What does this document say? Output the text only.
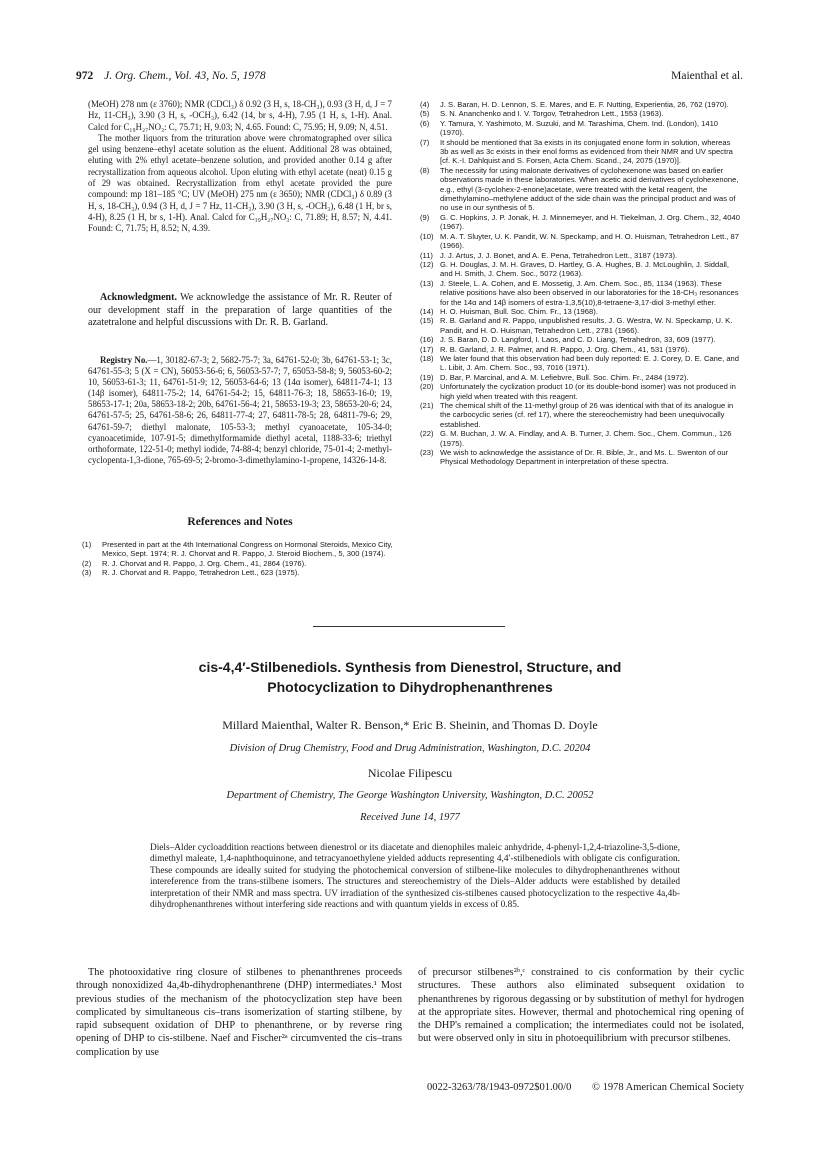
972 J. Org. Chem., Vol. 43, No. 5, 1978	Maienthal et al.

(MeOH) 278 nm (ε 3760); NMR (CDCl₃) δ 0.92 (3 H, s, 18-CH₃), 0.93 (3 H, d, J = 7 Hz, 11-CH₃), 3.90 (3 H, s, -OCH₃), 6.42 (14, br s, 4-H), 7.95 (1 H, s, 1-H). Anal. Calcd for C₁₉H₂₇NO₃: C, 75.71; H, 9.03; N, 4.65. Found: C, 75.95; H, 9.09; N, 4.51.

The mother liquors from the trituration above were chromatographed over silica gel using benzene–ethyl acetate solution as the eluent. Additional 28 was obtained, eluting with 2% ethyl acetate–benzene solution, and provided another 0.14 g after recrystallization from aqueous alcohol. Upon eluting with ethyl acetate (neat) 0.15 g of 29 was obtained. Recrystallization from ethyl acetate provided the pure compound: mp 181–185 °C; UV (MeOH) 275 nm (ε 3650); NMR (CDCl₃) δ 0.89 (3 H, s, 18-CH₃), 0.94 (3 H, d, J = 7 Hz, 11-CH₃), 3.90 (3 H, s, -OCH₃), 6.48 (1 H, br s, 4-H), 8.25 (1 H, br s, 1-H). Anal. Calcd for C₁₉H₂₇NO₃: C, 71.89; H, 8.57; N, 4.41. Found: C, 71.75; H, 8.52; N, 4.39.

Acknowledgment. We acknowledge the assistance of Mr. R. Reuter of our development staff in the preparation of large quantities of the azatetralone and helpful discussions with Dr. R. B. Garland.

Registry No.—1, 30182-67-3; 2, 5682-75-7; 3a, 64761-52-0; 3b, 64761-53-1; 3c, 64761-55-3; 5 (X = CN), 56053-56-6; 6, 56053-57-7; 7, 65053-58-8; 9, 56053-60-2; 10, 56053-61-3; 11, 64761-51-9; 12, 56053-64-6; 13 (14α isomer), 64811-74-1; 13 (14β isomer), 64811-75-2; 14, 64761-54-2; 15, 64811-76-3; 18, 58653-16-0; 19, 58653-17-1; 20a, 58653-18-2; 20b, 64761-56-4; 21, 58653-19-3; 23, 58653-20-6; 24, 64761-57-5; 25, 64761-58-6; 26, 64811-77-4; 27, 64811-78-5; 28, 64811-79-6; 29, 64761-59-7; diethyl malonate, 105-53-3; methyl cyanoacetate, 105-34-0; cyanoacetimide, 107-91-5; dimethylformamide diethyl acetal, 1188-33-6; triethyl orthoformate, 122-51-0; methyl iodide, 74-88-4; benzyl chloride, 75-01-4; 2-methyl-cyclopenta-1,3-dione, 765-69-5; 2-bromo-3-dimethylamino-1-propene, 14326-14-8.

References and Notes

(1)	Presented in part at the 4th International Congress on Hormonal Steroids, Mexico City, Mexico, Sept. 1974; R. J. Chorvat and R. Pappo, J. Steroid Biochem., 5, 300 (1974).
(2)	R. J. Chorvat and R. Pappo, J. Org. Chem., 41, 2864 (1976).
(3)	R. J. Chorvat and R. Pappo, Tetrahedron Lett., 623 (1975).
(4)	J. S. Baran, H. D. Lennon, S. E. Mares, and E. F. Nutting, Experientia, 26, 762 (1970).
(5)	S. N. Ananchenko and I. V. Torgov, Tetrahedron Lett., 1553 (1963).
(6)	Y. Tamura, Y. Yashimoto, M. Suzuki, and M. Tarashima, Chem. Ind. (London), 1410 (1970).
(7)	It should be mentioned that 3a exists in its conjugated enone form in solution, whereas 3b as well as 3c exists in their enol forms as evidenced from their NMR and UV spectra [cf. K.-I. Dahlquist and S. Forsen, Acta Chem. Scand., 24, 2075 (1970)].
(8)	The necessity for using malonate derivatives of cyclohexenone was based on earlier observations made in these laboratories. When acetic acid derivatives of cyclohexenone, e.g., ethyl (3-cyclohex-2-enone)acetate, were treated with the ketal reagent, the dimethylamino–methylene adduct of the side chain was the principal product and was of no use in our synthesis of 5.
(9)	G. C. Hopkins, J. P. Jonak, H. J. Minnemeyer, and H. Tiekelman, J. Org. Chem., 32, 4040 (1967).
(10) M. A. T. Sluyter, U. K. Pandit, W. N. Speckamp, and H. O. Huisman, Tetrahedron Lett., 87 (1966).
(11) J. J. Artus, J. J. Bonet, and A. E. Pena, Tetrahedron Lett., 3187 (1973).
(12) G. H. Douglas, J. M. H. Graves, D. Hartley, G. A. Hughes, B. J. McLoughlin, J. Siddall, and H. Smith, J. Chem. Soc., 5072 (1963).
(13) J. Steele, L. A. Cohen, and E. Mossetig, J. Am. Chem. Soc., 85, 1134 (1963). These relative positions have also been observed in our laboratories for the 18-CH₃ resonances for the 14α and 14β isomers of estra-1,3,5(10),8-tetraene-3,17-diol 3-methyl ether.
(14) H. O. Huisman, Bull. Soc. Chim. Fr., 13 (1968).
(15) R. B. Garland and R. Pappo, unpublished results. J. G. Westra, W. N. Speckamp, U. K. Pandit, and H. O. Huisman, Tetrahedron Lett., 2781 (1966).
(16) J. S. Baran, D. D. Langford, I. Laos, and C. D. Liang, Tetrahedron, 33, 609 (1977).
(17) R. B. Garland, J. R. Palmer, and R. Pappo, J. Org. Chem., 41, 531 (1976).
(18) We later found that this observation had been duly reported: E. J. Corey, D. E. Cane, and L. Libit, J. Am. Chem. Soc., 93, 7016 (1971).
(19) D. Bar, P. Marcinal, and A. M. Lefiebvre, Bull. Soc. Chim. Fr., 2484 (1972).
(20) Unfortunately the cyclization product 10 (or its double-bond isomer) was not produced in high yield when treated with this reagent.
(21) The chemical shift of the 11-methyl group of 26 was identical with that of its analogue in the carbocyclic series (cf. ref 17), where the stereochemistry had been unequivocally established.
(22) G. M. Buchan, J. W. A. Findlay, and A. B. Turner, J. Chem. Soc., Chem. Commun., 126 (1975).
(23) We wish to acknowledge the assistance of Dr. R. Bible, Jr., and Ms. L. Swenton of our Physical Methodology Department in interpretation of these spectra.
cis-4,4′-Stilbenediols. Synthesis from Dienestrol, Structure, and
Photocyclization to Dihydrophenanthrenes
Millard Maienthal, Walter R. Benson,* Eric B. Sheinin, and Thomas D. Doyle
Division of Drug Chemistry, Food and Drug Administration, Washington, D.C. 20204
Nicolae Filipescu
Department of Chemistry, The George Washington University, Washington, D.C. 20052
Received June 14, 1977
Diels–Alder cycloaddition reactions between dienestrol or its diacetate and dienophiles maleic anhydride, 4-phenyl-1,2,4-triazoline-3,5-dione, dimethyl maleate, 1,4-naphthoquinone, and tetracyanoethylene yielded adducts representing 4,4′-stilbenediols with obligate cis configuration. These compounds are ideally suited for studying the photochemical conversion of stilbene-like molecules to dihydrophenanthrenes without intereference from the trans-stilbene isomers. The structures and stereochemistry of the Diels–Alder adducts were established by detailed interpretation of their NMR and mass spectra. UV irradiation of the synthesized cis-stilbenes caused photocyclization to the respective 4a,4b-dihydrophenanthrenes without interfering side reactions and with quantum yields in excess of 0.85.

The photooxidative ring closure of stilbenes to phenanthrenes proceeds through nonoxidized 4a,4b-dihydrophenanthrene (DHP) intermediates.¹ Most previous studies of the mechanism of the photocyclization step have been complicated by simultaneous cis–trans isomerization of starting stilbene, by rapid subsequent oxidation of DHP to phenanthrene, or by reverse ring opening of DHP to cis-stilbene. Naef and Fischer²ᵃ circumvented the cis–trans complication by use

of precursor stilbenes²ᵇ,ᶜ constrained to cis conformation by their cyclic structures. These authors also eliminated subsequent oxidation to phenanthrenes by rigorous degassing or by substitution of methyl for hydrogen at the appropriate sites. However, thermal and photochemical ring opening of the DHP's remained a complication; the intermediates could not be isolated, but were observed only in situ in photoequilibrium with precursor stilbenes.

0022-3263/78/1943-0972$01.00/0 © 1978 American Chemical Society
